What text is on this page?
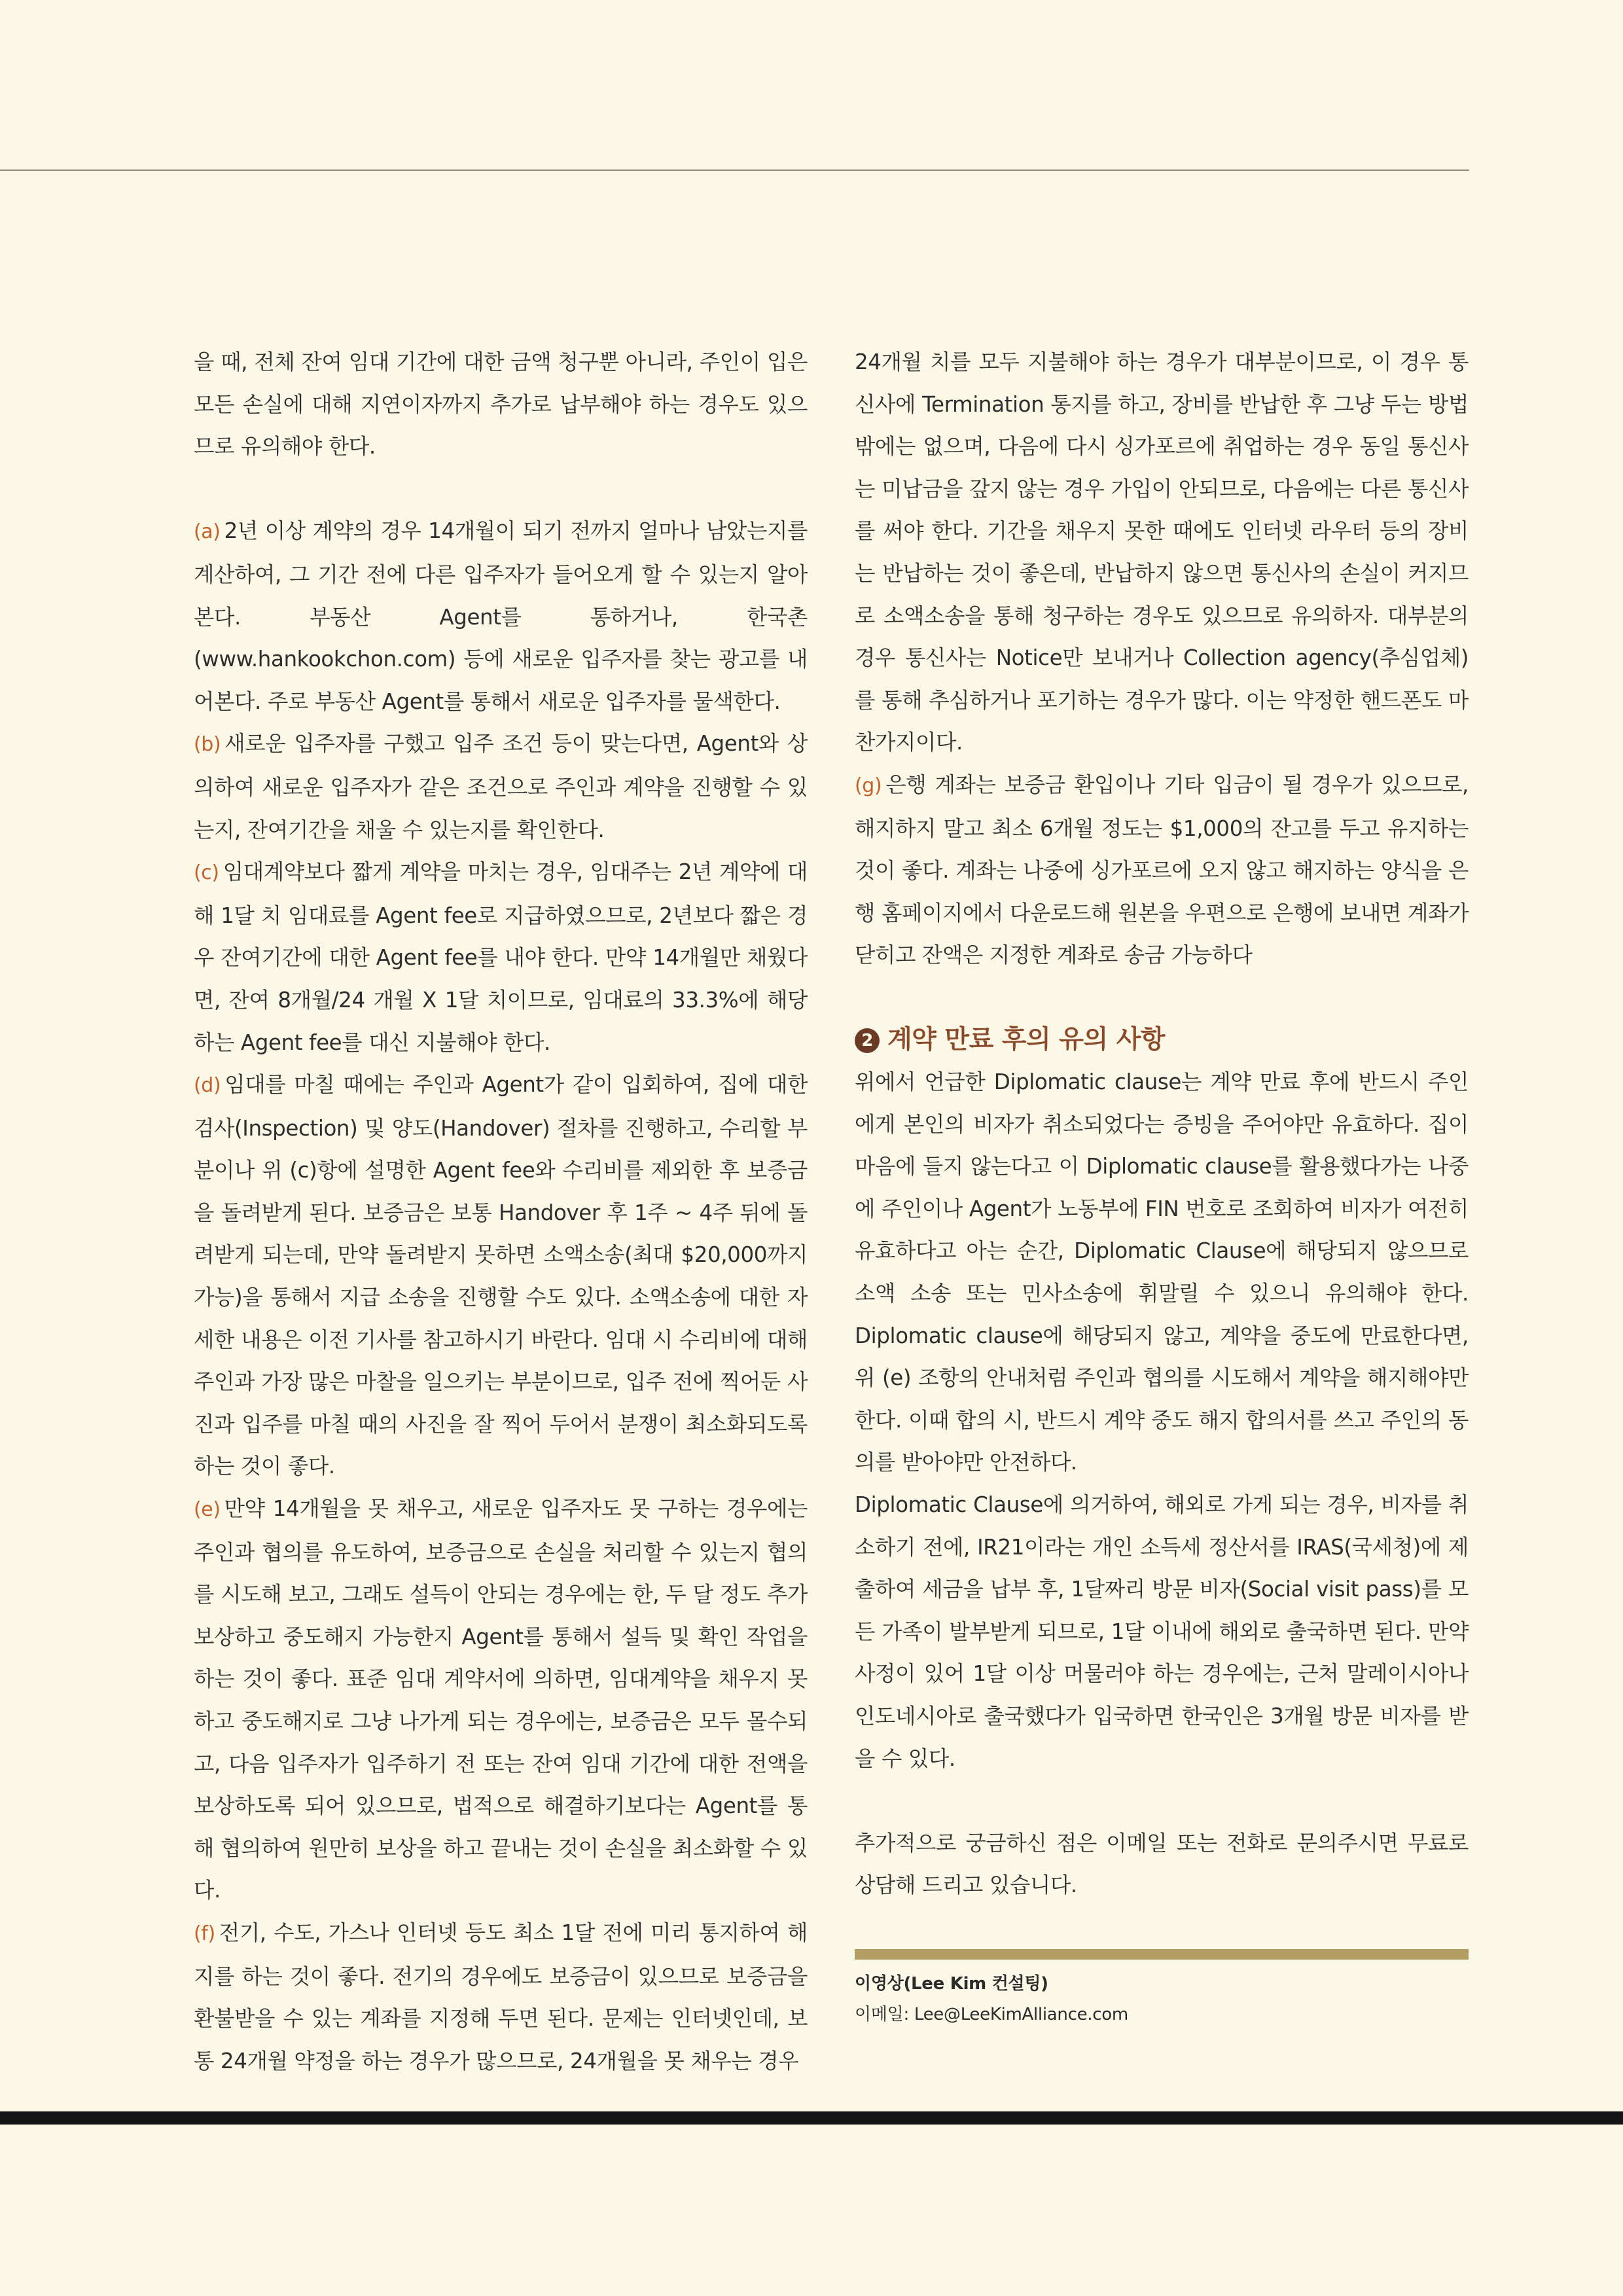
을 때, 전체 잔여 임대 기간에 대한 금액 청구뿐 아니라, 주인이 입은 모든 손실에 대해 지연이자까지 추가로 납부해야 하는 경우도 있으므로 유의해야 한다.

(a) 2년 이상 계약의 경우 14개월이 되기 전까지 얼마나 남았는지를 계산하여, 그 기간 전에 다른 입주자가 들어오게 할 수 있는지 알아본다. 부동산 Agent를 통하거나, 한국촌(www.hankookchon.com) 등에 새로운 입주자를 찾는 광고를 내어본다. 주로 부동산 Agent를 통해서 새로운 입주자를 물색한다.

(b) 새로운 입주자를 구했고 입주 조건 등이 맞는다면, Agent와 상의하여 새로운 입주자가 같은 조건으로 주인과 계약을 진행할 수 있는지, 잔여기간을 채울 수 있는지를 확인한다.

(c) 임대계약보다 짧게 계약을 마치는 경우, 임대주는 2년 계약에 대해 1달 치 임대료를 Agent fee로 지급하였으므로, 2년보다 짧은 경우 잔여기간에 대한 Agent fee를 내야 한다. 만약 14개월만 채웠다면, 잔여 8개월/24 개월 X 1달 치이므로, 임대료의 33.3%에 해당하는 Agent fee를 대신 지불해야 한다.

(d) 임대를 마칠 때에는 주인과 Agent가 같이 입회하여, 집에 대한 검사(Inspection) 및 양도(Handover) 절차를 진행하고, 수리할 부분이나 위 (c)항에 설명한 Agent fee와 수리비를 제외한 후 보증금을 돌려받게 된다. 보증금은 보통 Handover 후 1주 ~ 4주 뒤에 돌려받게 되는데, 만약 돌려받지 못하면 소액소송(최대 $20,000까지 가능)을 통해서 지급 소송을 진행할 수도 있다. 소액소송에 대한 자세한 내용은 이전 기사를 참고하시기 바란다. 임대 시 수리비에 대해 주인과 가장 많은 마찰을 일으키는 부분이므로, 입주 전에 찍어둔 사진과 입주를 마칠 때의 사진을 잘 찍어 두어서 분쟁이 최소화되도록 하는 것이 좋다.

(e) 만약 14개월을 못 채우고, 새로운 입주자도 못 구하는 경우에는 주인과 협의를 유도하여, 보증금으로 손실을 처리할 수 있는지 협의를 시도해 보고, 그래도 설득이 안되는 경우에는 한, 두 달 정도 추가 보상하고 중도해지 가능한지 Agent를 통해서 설득 및 확인 작업을 하는 것이 좋다. 표준 임대 계약서에 의하면, 임대계약을 채우지 못하고 중도해지로 그냥 나가게 되는 경우에는, 보증금은 모두 몰수되고, 다음 입주자가 입주하기 전 또는 잔여 임대 기간에 대한 전액을 보상하도록 되어 있으므로, 법적으로 해결하기보다는 Agent를 통해 협의하여 원만히 보상을 하고 끝내는 것이 손실을 최소화할 수 있다.

(f) 전기, 수도, 가스나 인터넷 등도 최소 1달 전에 미리 통지하여 해지를 하는 것이 좋다. 전기의 경우에도 보증금이 있으므로 보증금을 환불받을 수 있는 계좌를 지정해 두면 된다. 문제는 인터넷인데, 보통 24개월 약정을 하는 경우가 많으므로, 24개월을 못 채우는 경우

24개월 치를 모두 지불해야 하는 경우가 대부분이므로, 이 경우 통신사에 Termination 통지를 하고, 장비를 반납한 후 그냥 두는 방법밖에는 없으며, 다음에 다시 싱가포르에 취업하는 경우 동일 통신사는 미납금을 갚지 않는 경우 가입이 안되므로, 다음에는 다른 통신사를 써야 한다. 기간을 채우지 못한 때에도 인터넷 라우터 등의 장비는 반납하는 것이 좋은데, 반납하지 않으면 통신사의 손실이 커지므로 소액소송을 통해 청구하는 경우도 있으므로 유의하자. 대부분의 경우 통신사는 Notice만 보내거나 Collection agency(추심업체)를 통해 추심하거나 포기하는 경우가 많다. 이는 약정한 핸드폰도 마찬가지이다.

(g) 은행 계좌는 보증금 환입이나 기타 입금이 될 경우가 있으므로, 해지하지 말고 최소 6개월 정도는 $1,000의 잔고를 두고 유지하는 것이 좋다. 계좌는 나중에 싱가포르에 오지 않고 해지하는 양식을 은행 홈페이지에서 다운로드해 원본을 우편으로 은행에 보내면 계좌가 닫히고 잔액은 지정한 계좌로 송금 가능하다

2 계약 만료 후의 유의 사항

위에서 언급한 Diplomatic clause는 계약 만료 후에 반드시 주인에게 본인의 비자가 취소되었다는 증빙을 주어야만 유효하다. 집이 마음에 들지 않는다고 이 Diplomatic clause를 활용했다가는 나중에 주인이나 Agent가 노동부에 FIN 번호로 조회하여 비자가 여전히 유효하다고 아는 순간, Diplomatic Clause에 해당되지 않으므로 소액 소송 또는 민사소송에 휘말릴 수 있으니 유의해야 한다. Diplomatic clause에 해당되지 않고, 계약을 중도에 만료한다면, 위 (e) 조항의 안내처럼 주인과 협의를 시도해서 계약을 해지해야만 한다. 이때 합의 시, 반드시 계약 중도 해지 합의서를 쓰고 주인의 동의를 받아야만 안전하다.

Diplomatic Clause에 의거하여, 해외로 가게 되는 경우, 비자를 취소하기 전에, IR21이라는 개인 소득세 정산서를 IRAS(국세청)에 제출하여 세금을 납부 후, 1달짜리 방문 비자(Social visit pass)를 모든 가족이 발부받게 되므로, 1달 이내에 해외로 출국하면 된다. 만약 사정이 있어 1달 이상 머물러야 하는 경우에는, 근처 말레이시아나 인도네시아로 출국했다가 입국하면 한국인은 3개월 방문 비자를 받을 수 있다.

추가적으로 궁금하신 점은 이메일 또는 전화로 문의주시면 무료로 상담해 드리고 있습니다.

이영상(Lee Kim 컨설팅)
이메일: Lee@LeeKimAlliance.com
